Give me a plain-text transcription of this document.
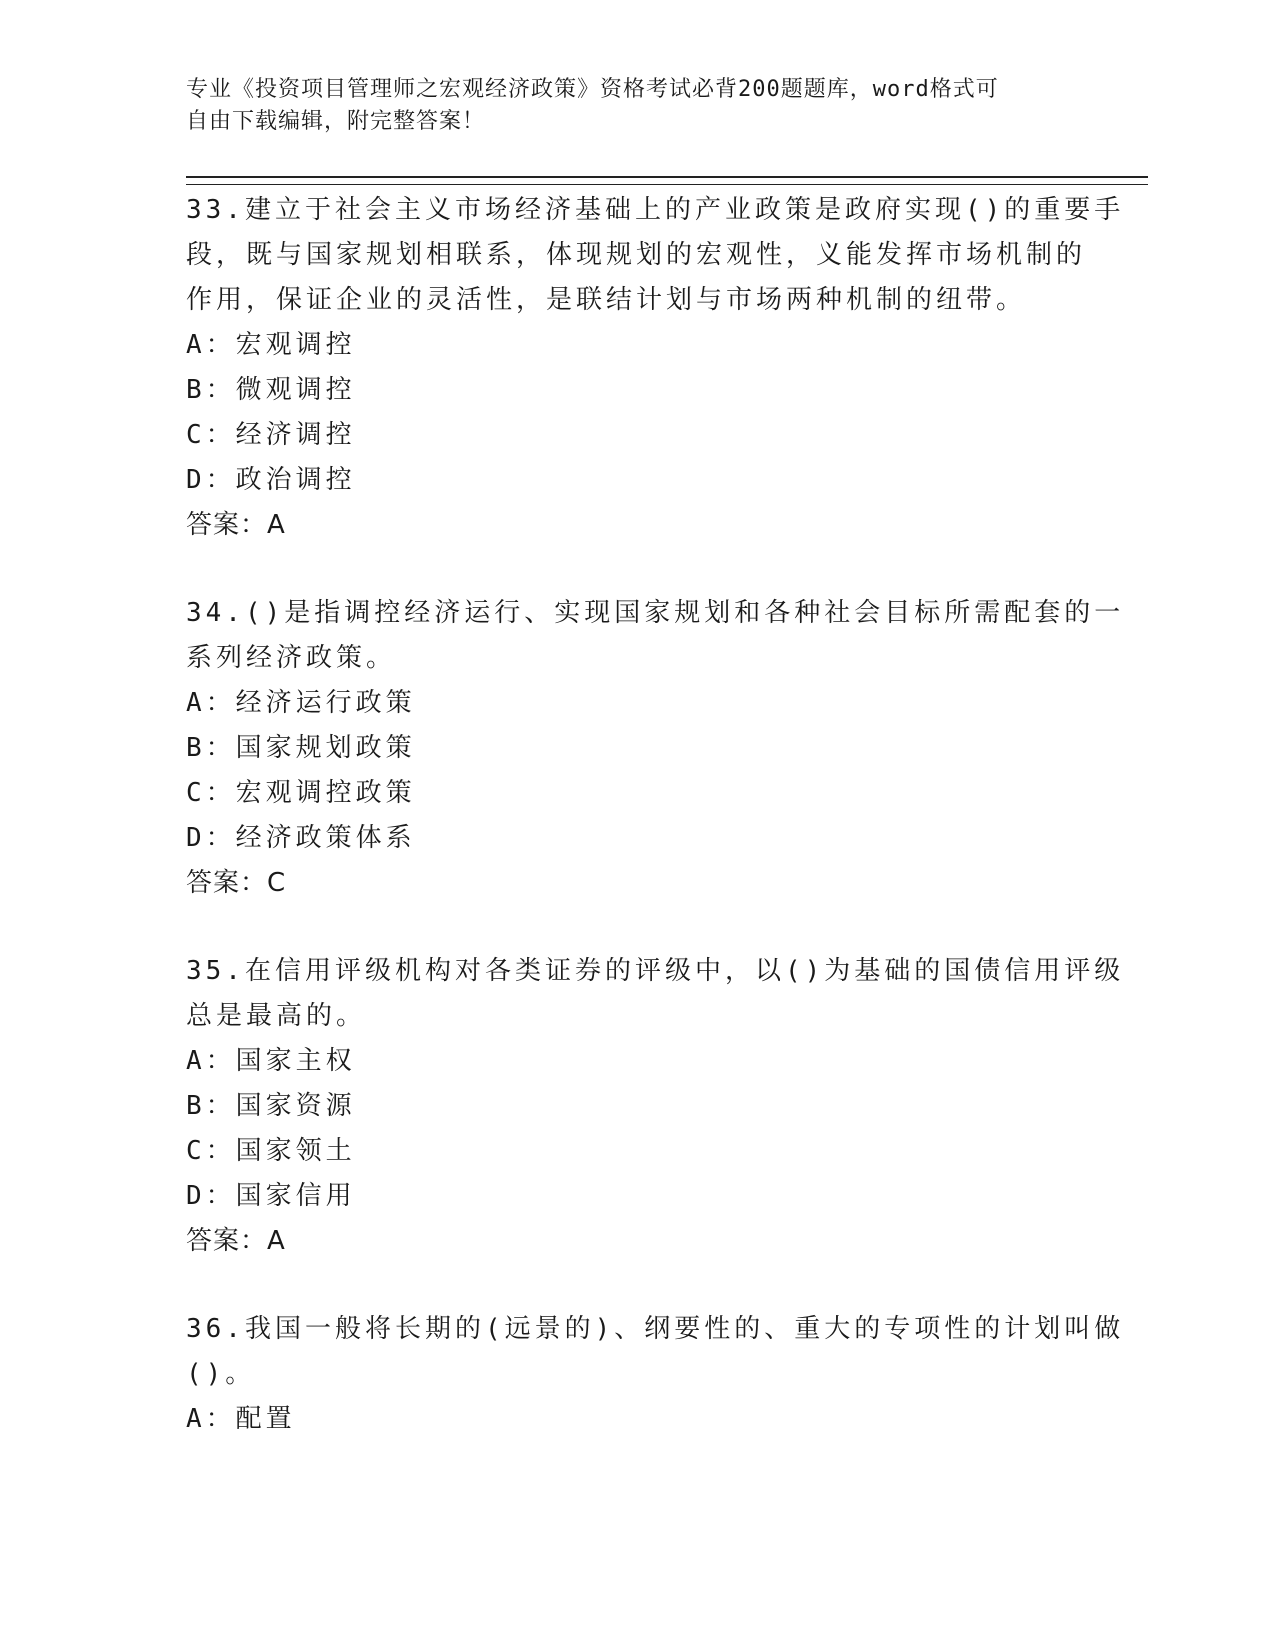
专业《投资项目管理师之宏观经济政策》资格考试必背200题题库，word格式可
自由下载编辑，附完整答案！
33.建立于社会主义市场经济基础上的产业政策是政府实现()的重要手
段，既与国家规划相联系，体现规划的宏观性，义能发挥市场机制的
作用，保证企业的灵活性，是联结计划与市场两种机制的纽带。
A：宏观调控
B：微观调控
C：经济调控
D：政治调控
答案：A
34.()是指调控经济运行、实现国家规划和各种社会目标所需配套的一
系列经济政策。
A：经济运行政策
B：国家规划政策
C：宏观调控政策
D：经济政策体系
答案：C
35.在信用评级机构对各类证券的评级中，以()为基础的国债信用评级
总是最高的。
A：国家主权
B：国家资源
C：国家领土
D：国家信用
答案：A
36.我国一般将长期的(远景的)、纲要性的、重大的专项性的计划叫做
()。
A：配置
